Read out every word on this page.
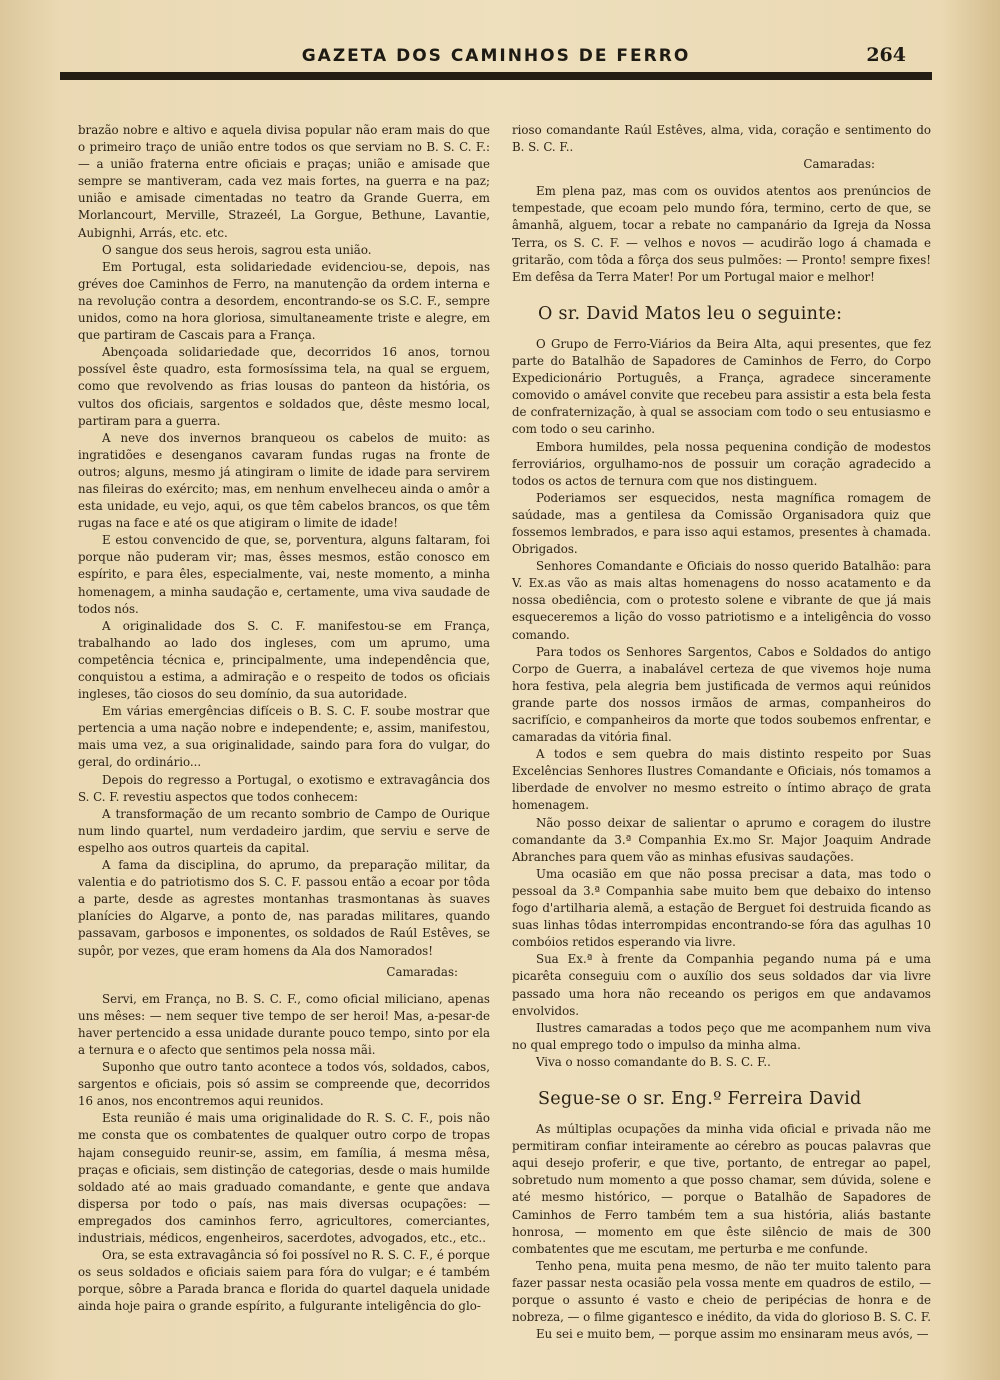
GAZETA DOS CAMINHOS DE FERRO	264

brazão nobre e altivo e aquela divisa popular não eram mais do que o primeiro traço de união entre todos os que serviam no B. S. C. F.: — a união fraterna entre oficiais e praças; união e amisade que sempre se mantiveram, cada vez mais fortes, na guerra e na paz; união e amisade cimentadas no teatro da Grande Guerra, em Morlancourt, Merville, Strazeél, La Gorgue, Bethune, Lavantie, Aubignhi, Arrás, etc. etc.

O sangue dos seus herois, sagrou esta união.

Em Portugal, esta solidariedade evidenciou-se, depois, nas gréves doe Caminhos de Ferro, na manutenção da ordem interna e na revolução contra a desordem, encontrando-se os S.C. F., sempre unidos, como na hora gloriosa, simultaneamente triste e alegre, em que partiram de Cascais para a França.

Abençoada solidariedade que, decorridos 16 anos, tornou possível êste quadro, esta formosíssima tela, na qual se erguem, como que revolvendo as frias lousas do panteon da história, os vultos dos oficiais, sargentos e soldados que, dêste mesmo local, partiram para a guerra.

A neve dos invernos branqueou os cabelos de muito: as ingratidões e desenganos cavaram fundas rugas na fronte de outros; alguns, mesmo já atingiram o limite de idade para servirem nas fileiras do exército; mas, em nenhum envelheceu ainda o amôr a esta unidade, eu vejo, aqui, os que têm cabelos brancos, os que têm rugas na face e até os que atigiram o limite de idade!

E estou convencido de que, se, porventura, alguns faltaram, foi porque não puderam vir; mas, êsses mesmos, estão conosco em espírito, e para êles, especialmente, vai, neste momento, a minha homenagem, a minha saudação e, certamente, uma viva saudade de todos nós.

A originalidade dos S. C. F. manifestou-se em França, trabalhando ao lado dos ingleses, com um aprumo, uma competência técnica e, principalmente, uma independência que, conquistou a estima, a admiração e o respeito de todos os oficiais ingleses, tão ciosos do seu domínio, da sua autoridade.

Em várias emergências difíceis o B. S. C. F. soube mostrar que pertencia a uma nação nobre e independente; e, assim, manifestou, mais uma vez, a sua originalidade, saindo para fora do vulgar, do geral, do ordinário...

Depois do regresso a Portugal, o exotismo e extravagância dos S. C. F. revestiu aspectos que todos conhecem:

A transformação de um recanto sombrio de Campo de Ourique num lindo quartel, num verdadeiro jardim, que serviu e serve de espelho aos outros quarteis da capital.

A fama da disciplina, do aprumo, da preparação militar, da valentia e do patriotismo dos S. C. F. passou então a ecoar por tôda a parte, desde as agrestes montanhas trasmontanas às suaves planícies do Algarve, a ponto de, nas paradas militares, quando passavam, garbosos e imponentes, os soldados de Raúl Estêves, se supôr, por vezes, que eram homens da Ala dos Namorados!

Camaradas:

Servi, em França, no B. S. C. F., como oficial miliciano, apenas uns mêses: — nem sequer tive tempo de ser heroi! Mas, a-pesar-de haver pertencido a essa unidade durante pouco tempo, sinto por ela a ternura e o afecto que sentimos pela nossa mãi.

Suponho que outro tanto acontece a todos vós, soldados, cabos, sargentos e oficiais, pois só assim se compreende que, decorridos 16 anos, nos encontremos aqui reunidos.

Esta reunião é mais uma originalidade do R. S. C. F., pois não me consta que os combatentes de qualquer outro corpo de tropas hajam conseguido reunir-se, assim, em família, á mesma mêsa, praças e oficiais, sem distinção de categorias, desde o mais humilde soldado até ao mais graduado comandante, e gente que andava dispersa por todo o país, nas mais diversas ocupações: — empregados dos caminhos ferro, agricultores, comerciantes, industriais, médicos, engenheiros, sacerdotes, advogados, etc., etc..

Ora, se esta extravagância só foi possível no R. S. C. F., é porque os seus soldados e oficiais saiem para fóra do vulgar; e é também porque, sôbre a Parada branca e florida do quartel daquela unidade ainda hoje paira o grande espírito, a fulgurante inteligência do glo-

rioso comandante Raúl Estêves, alma, vida, coração e sentimento do B. S. C. F..

Camaradas:

Em plena paz, mas com os ouvidos atentos aos prenúncios de tempestade, que ecoam pelo mundo fóra, termino, certo de que, se âmanhã, alguem, tocar a rebate no campanário da Igreja da Nossa Terra, os S. C. F. — velhos e novos — acudirão logo á chamada e gritarão, com tôda a fôrça dos seus pulmões: — Pronto! sempre fixes! Em defêsa da Terra Mater! Por um Portugal maior e melhor!

O sr. David Matos leu o seguinte:

O Grupo de Ferro-Viários da Beira Alta, aqui presentes, que fez parte do Batalhão de Sapadores de Caminhos de Ferro, do Corpo Expedicionário Português, a França, agradece sinceramente comovido o amável convite que recebeu para assistir a esta bela festa de confraternização, à qual se associam com todo o seu entusiasmo e com todo o seu carinho.

Embora humildes, pela nossa pequenina condição de modestos ferroviários, orgulhamo-nos de possuir um coração agradecido a todos os actos de ternura com que nos distinguem.

Poderiamos ser esquecidos, nesta magnífica romagem de saúdade, mas a gentilesa da Comissão Organisadora quiz que fossemos lembrados, e para isso aqui estamos, presentes à chamada. Obrigados.

Senhores Comandante e Oficiais do nosso querido Batalhão: para V. Ex.as vão as mais altas homenagens do nosso acatamento e da nossa obediência, com o protesto solene e vibrante de que já mais esqueceremos a lição do vosso patriotismo e a inteligência do vosso comando.

Para todos os Senhores Sargentos, Cabos e Soldados do antigo Corpo de Guerra, a inabalável certeza de que vivemos hoje numa hora festiva, pela alegria bem justificada de vermos aqui reúnidos grande parte dos nossos irmãos de armas, companheiros do sacrifício, e companheiros da morte que todos soubemos enfrentar, e camaradas da vitória final.

A todos e sem quebra do mais distinto respeito por Suas Excelências Senhores Ilustres Comandante e Oficiais, nós tomamos a liberdade de envolver no mesmo estreito o íntimo abraço de grata homenagem.

Não posso deixar de salientar o aprumo e coragem do ilustre comandante da 3.ª Companhia Ex.mo Sr. Major Joaquim Andrade Abranches para quem vão as minhas efusivas saudações.

Uma ocasião em que não possa precisar a data, mas todo o pessoal da 3.ª Companhia sabe muito bem que debaixo do intenso fogo d'artilharia alemã, a estação de Berguet foi destruida ficando as suas linhas tôdas interrompidas encontrando-se fóra das agulhas 10 combóios retidos esperando via livre.

Sua Ex.ª à frente da Companhia pegando numa pá e uma picarêta conseguiu com o auxílio dos seus soldados dar via livre passado uma hora não receando os perigos em que andavamos envolvidos.

Ilustres camaradas a todos peço que me acompanhem num viva no qual emprego todo o impulso da minha alma.

Viva o nosso comandante do B. S. C. F..

Segue-se o sr. Eng.º Ferreira David

As múltiplas ocupações da minha vida oficial e privada não me permitiram confiar inteiramente ao cérebro as poucas palavras que aqui desejo proferir, e que tive, portanto, de entregar ao papel, sobretudo num momento a que posso chamar, sem dúvida, solene e até mesmo histórico, — porque o Batalhão de Sapadores de Caminhos de Ferro também tem a sua história, aliás bastante honrosa, — momento em que êste silêncio de mais de 300 combatentes que me escutam, me perturba e me confunde.

Tenho pena, muita pena mesmo, de não ter muito talento para fazer passar nesta ocasião pela vossa mente em quadros de estilo, — porque o assunto é vasto e cheio de peripécias de honra e de nobreza, — o filme gigantesco e inédito, da vida do glorioso B. S. C. F.

Eu sei e muito bem, — porque assim mo ensinaram meus avós, —
